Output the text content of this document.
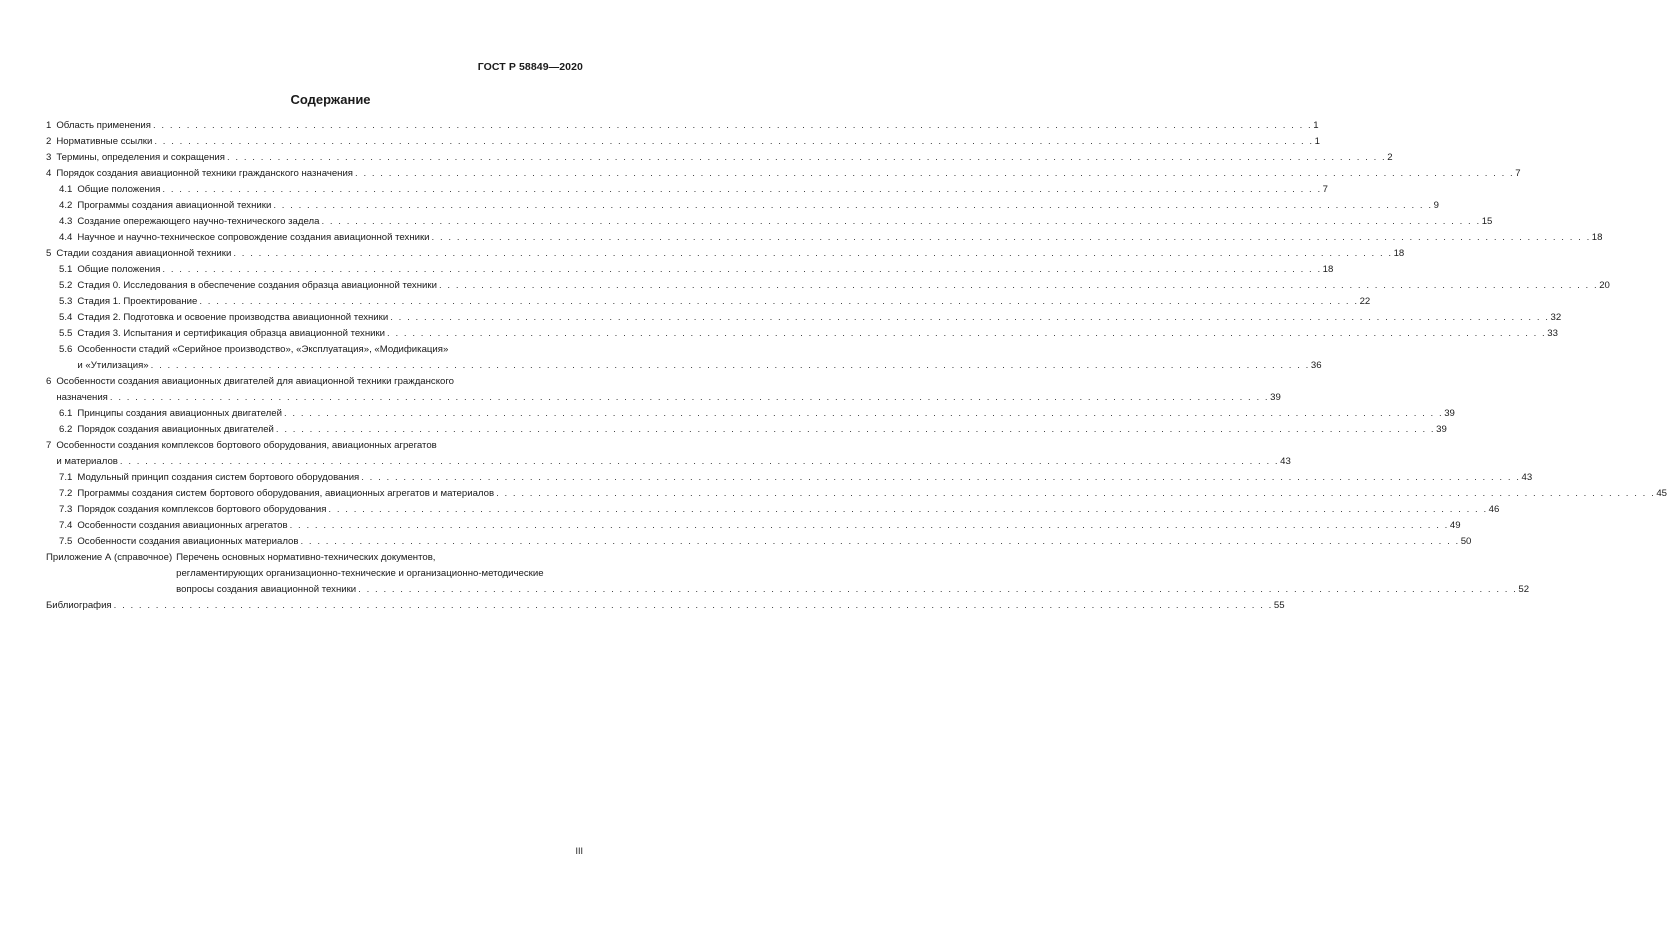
ГОСТ Р 58849—2020
Содержание
1 Область применения . . . . . . . . . . . . . . . . . . . . . . . . . . . . . . . . . . . . . . . . . . . . . . . . . . . . . . . . . . . . . . . . . . . . . . . . . . . . . . . . . . . . . . . . . . . . . . . . . . . . . . . . . . . . . . . . . . . . . . . . . . . . . . . . . . . . . . . . . . 1
2 Нормативные ссылки . . . . . . . . . . . . . . . . . . . . . . . . . . . . . . . . . . . . . . . . . . . . . . . . . . . . . . . . . . . . . . . . . . . . . . . . . . . . . . . . . . . . . . . . . . . . . . . . . . . . . . . . . . . . . . . . . . . . . . . . . . . . . . . . . . . . . . . . . . 1
3 Термины, определения и сокращения . . . . . . . . . . . . . . . . . . . . . . . . . . . . . . . . . . . . . . . . . . . . . . . . . . . . . . . . . . . . . . . . . . . . . . . . . . . . . . . . . . . . . . . . . . . . . . . . . . . . . . . . . . . . . . . . . . . . . . . . . . . . . . . . . . . . . . . . . . 2
4 Порядок создания авиационной техники гражданского назначения . . . . . . . . . . . . . . . . . . . . . . . . . . . . . . . . . . . . . . . . . . . . . . . . . . . . . . . . . . . . . . . . . . . . . . . . . . . . . . . . . . . . . . . . . . . . . . . . . . . . . . . . . . . . . . . . . . . . . . . . . . . . . . . . . . . . . . . . . . 7
4.1 Общие положения . . . . . . . . . . . . . . . . . . . . . . . . . . . . . . . . . . . . . . . . . . . . . . . . . . . . . . . . . . . . . . . . . . . . . . . . . . . . . . . . . . . . . . . . . . . . . . . . . . . . . . . . . . . . . . . . . . . . . . . . . . . . . . . . . . . . . . . . . . 7
4.2 Программы создания авиационной техники . . . . . . . . . . . . . . . . . . . . . . . . . . . . . . . . . . . . . . . . . . . . . . . . . . . . . . . . . . . . . . . . . . . . . . . . . . . . . . . . . . . . . . . . . . . . . . . . . . . . . . . . . . . . . . . . . . . . . . . . . . . . . . . . . . . . . . . . . . 9
4.3 Создание опережающего научно-технического задела . . . . . . . . . . . . . . . . . . . . . . . . . . . . . . . . . . . . . . . . . . . . . . . . . . . . . . . . . . . . . . . . . . . . . . . . . . . . . . . . . . . . . . . . . . . . . . . . . . . . . . . . . . . . . . . . . . . . . . . . . . . . . . . . . . . . . . . . . . 15
4.4 Научное и научно-техническое сопровождение создания авиационной техники . . . . . . . . . . . . . . . . . . . . . . . . . . . . . . . . . . . . . . . . . . . . . . . . . . . . . . . . . . . . . . . . . . . . . . . . . . . . . . . . . . . . . . . . . . . . . . . . . . . . . . . . . . . . . . . . . . . . . . . . . . . . . . . . . . . . . . . . . . 18
5 Стадии создания авиационной техники . . . . . . . . . . . . . . . . . . . . . . . . . . . . . . . . . . . . . . . . . . . . . . . . . . . . . . . . . . . . . . . . . . . . . . . . . . . . . . . . . . . . . . . . . . . . . . . . . . . . . . . . . . . . . . . . . . . . . . . . . . . . . . . . . . . . . . . . . . 18
5.1 Общие положения . . . . . . . . . . . . . . . . . . . . . . . . . . . . . . . . . . . . . . . . . . . . . . . . . . . . . . . . . . . . . . . . . . . . . . . . . . . . . . . . . . . . . . . . . . . . . . . . . . . . . . . . . . . . . . . . . . . . . . . . . . . . . . . . . . . . . . . . . . 18
5.2 Стадия 0. Исследования в обеспечение создания образца авиационной техники . . . . . . . . . . . . . . . . . . . . . . . . . . . . . . . . . . . . . . . . . . . . . . . . . . . . . . . . . . . . . . . . . . . . . . . . . . . . . . . . . . . . . . . . . . . . . . . . . . . . . . . . . . . . . . . . . . . . . . . . . . . . . . . . . . . . . . . . . . 20
5.3 Стадия 1. Проектирование . . . . . . . . . . . . . . . . . . . . . . . . . . . . . . . . . . . . . . . . . . . . . . . . . . . . . . . . . . . . . . . . . . . . . . . . . . . . . . . . . . . . . . . . . . . . . . . . . . . . . . . . . . . . . . . . . . . . . . . . . . . . . . . . . . . . . . . . . . 22
5.4 Стадия 2. Подготовка и освоение производства авиационной техники . . . . . . . . . . . . . . . . . . . . . . . . . . . . . . . . . . . . . . . . . . . . . . . . . . . . . . . . . . . . . . . . . . . . . . . . . . . . . . . . . . . . . . . . . . . . . . . . . . . . . . . . . . . . . . . . . . . . . . . . . . . . . . . . . . . . . . . . . . 32
5.5 Стадия 3. Испытания и сертификация образца авиационной техники . . . . . . . . . . . . . . . . . . . . . . . . . . . . . . . . . . . . . . . . . . . . . . . . . . . . . . . . . . . . . . . . . . . . . . . . . . . . . . . . . . . . . . . . . . . . . . . . . . . . . . . . . . . . . . . . . . . . . . . . . . . . . . . . . . . . . . . . . . 33
5.6 Особенности стадий «Серийное производство», «Эксплуатация», «Модификация»
и «Утилизация» . . . . . . . . . . . . . . . . . . . . . . . . . . . . . . . . . . . . . . . . . . . . . . . . . . . . . . . . . . . . . . . . . . . . . . . . . . . . . . . . . . . . . . . . . . . . . . . . . . . . . . . . . . . . . . . . . . . . . . . . . . . . . . . . . . . . . . . . . . 36
6 Особенности создания авиационных двигателей для авиационной техники гражданского
назначения . . . . . . . . . . . . . . . . . . . . . . . . . . . . . . . . . . . . . . . . . . . . . . . . . . . . . . . . . . . . . . . . . . . . . . . . . . . . . . . . . . . . . . . . . . . . . . . . . . . . . . . . . . . . . . . . . . . . . . . . . . . . . . . . . . . . . . . . . . 39
6.1 Принципы создания авиационных двигателей . . . . . . . . . . . . . . . . . . . . . . . . . . . . . . . . . . . . . . . . . . . . . . . . . . . . . . . . . . . . . . . . . . . . . . . . . . . . . . . . . . . . . . . . . . . . . . . . . . . . . . . . . . . . . . . . . . . . . . . . . . . . . . . . . . . . . . . . . . 39
6.2 Порядок создания авиационных двигателей . . . . . . . . . . . . . . . . . . . . . . . . . . . . . . . . . . . . . . . . . . . . . . . . . . . . . . . . . . . . . . . . . . . . . . . . . . . . . . . . . . . . . . . . . . . . . . . . . . . . . . . . . . . . . . . . . . . . . . . . . . . . . . . . . . . . . . . . . . 39
7 Особенности создания комплексов бортового оборудования, авиационных агрегатов
и материалов . . . . . . . . . . . . . . . . . . . . . . . . . . . . . . . . . . . . . . . . . . . . . . . . . . . . . . . . . . . . . . . . . . . . . . . . . . . . . . . . . . . . . . . . . . . . . . . . . . . . . . . . . . . . . . . . . . . . . . . . . . . . . . . . . . . . . . . . . . 43
7.1 Модульный принцип создания систем бортового оборудования . . . . . . . . . . . . . . . . . . . . . . . . . . . . . . . . . . . . . . . . . . . . . . . . . . . . . . . . . . . . . . . . . . . . . . . . . . . . . . . . . . . . . . . . . . . . . . . . . . . . . . . . . . . . . . . . . . . . . . . . . . . . . . . . . . . . . . . . . . 43
7.2 Программы создания систем бортового оборудования, авиационных агрегатов и материалов . . . . . . . . . . . . . . . . . . . . . . . . . . . . . . . . . . . . . . . . . . . . . . . . . . . . . . . . . . . . . . . . . . . . . . . . . . . . . . . . . . . . . . . . . . . . . . . . . . . . . . . . . . . . . . . . . . . . . . . . . . . . . . . . . . . . . . . . . . 45
7.3 Порядок создания комплексов бортового оборудования . . . . . . . . . . . . . . . . . . . . . . . . . . . . . . . . . . . . . . . . . . . . . . . . . . . . . . . . . . . . . . . . . . . . . . . . . . . . . . . . . . . . . . . . . . . . . . . . . . . . . . . . . . . . . . . . . . . . . . . . . . . . . . . . . . . . . . . . . . 46
7.4 Особенности создания авиационных агрегатов . . . . . . . . . . . . . . . . . . . . . . . . . . . . . . . . . . . . . . . . . . . . . . . . . . . . . . . . . . . . . . . . . . . . . . . . . . . . . . . . . . . . . . . . . . . . . . . . . . . . . . . . . . . . . . . . . . . . . . . . . . . . . . . . . . . . . . . . . . 49
7.5 Особенности создания авиационных материалов . . . . . . . . . . . . . . . . . . . . . . . . . . . . . . . . . . . . . . . . . . . . . . . . . . . . . . . . . . . . . . . . . . . . . . . . . . . . . . . . . . . . . . . . . . . . . . . . . . . . . . . . . . . . . . . . . . . . . . . . . . . . . . . . . . . . . . . . . . 50
Приложение А (справочное) Перечень основных нормативно-технических документов,
регламентирующих организационно-технические и организационно-методические
вопросы создания авиационной техники . . . . . . . . . . . . . . . . . . . . . . . . . . . . . . . . . . . . . . . . . . . . . . . . . . . . . . . . . . . . . . . . . . . . . . . . . . . . . . . . . . . . . . . . . . . . . . . . . . . . . . . . . . . . . . . . . . . . . . . . . . . . . . . . . . . . . . . . . . 52
Библиография . . . . . . . . . . . . . . . . . . . . . . . . . . . . . . . . . . . . . . . . . . . . . . . . . . . . . . . . . . . . . . . . . . . . . . . . . . . . . . . . . . . . . . . . . . . . . . . . . . . . . . . . . . . . . . . . . . . . . . . . . . . . . . . . . . . . . . . . . . 55
III
